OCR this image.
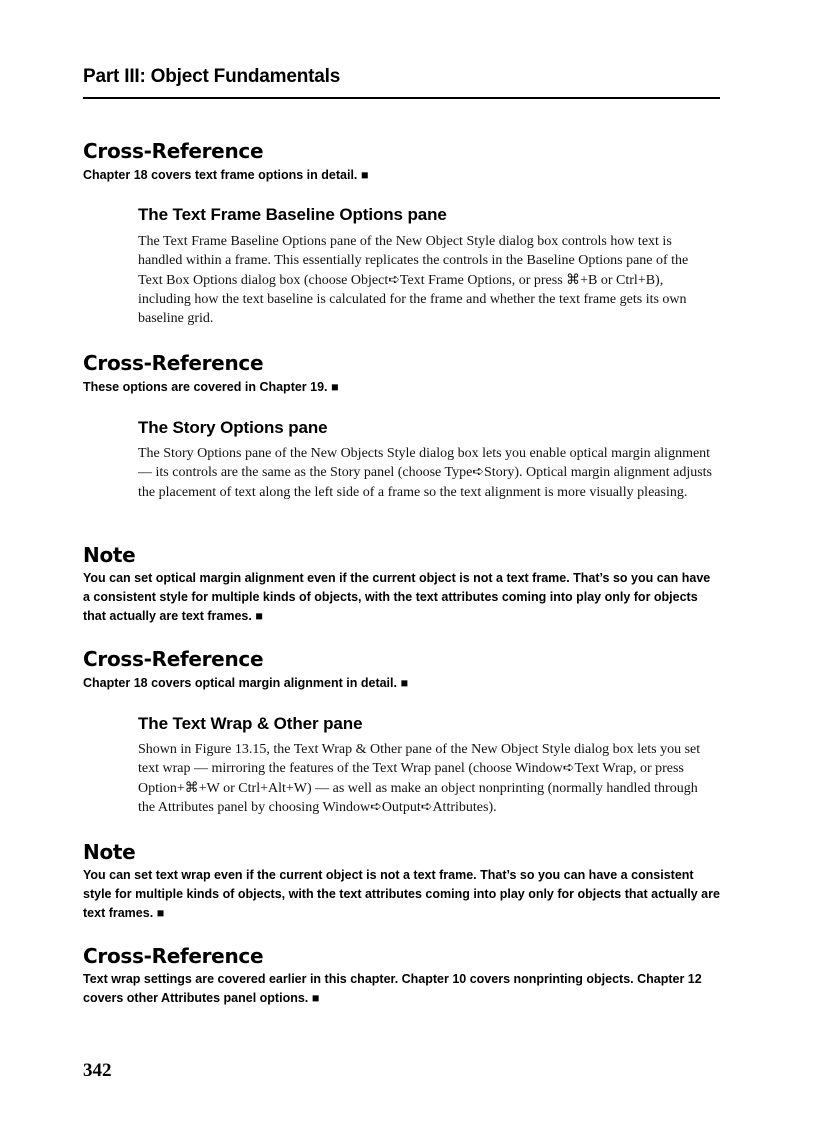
Part III: Object Fundamentals
Cross-Reference
Chapter 18 covers text frame options in detail. ■
The Text Frame Baseline Options pane
The Text Frame Baseline Options pane of the New Object Style dialog box controls how text is handled within a frame. This essentially replicates the controls in the Baseline Options pane of the Text Box Options dialog box (choose Object➪Text Frame Options, or press ⌘+B or Ctrl+B), including how the text baseline is calculated for the frame and whether the text frame gets its own baseline grid.
Cross-Reference
These options are covered in Chapter 19. ■
The Story Options pane
The Story Options pane of the New Objects Style dialog box lets you enable optical margin alignment — its controls are the same as the Story panel (choose Type➪Story). Optical margin alignment adjusts the placement of text along the left side of a frame so the text alignment is more visually pleasing.
Note
You can set optical margin alignment even if the current object is not a text frame. That’s so you can have a consistent style for multiple kinds of objects, with the text attributes coming into play only for objects that actually are text frames. ■
Cross-Reference
Chapter 18 covers optical margin alignment in detail. ■
The Text Wrap & Other pane
Shown in Figure 13.15, the Text Wrap & Other pane of the New Object Style dialog box lets you set text wrap — mirroring the features of the Text Wrap panel (choose Window➪Text Wrap, or press Option+⌘+W or Ctrl+Alt+W) — as well as make an object nonprinting (normally handled through the Attributes panel by choosing Window➪Output➪Attributes).
Note
You can set text wrap even if the current object is not a text frame. That’s so you can have a consistent style for multiple kinds of objects, with the text attributes coming into play only for objects that actually are text frames. ■
Cross-Reference
Text wrap settings are covered earlier in this chapter. Chapter 10 covers nonprinting objects. Chapter 12 covers other Attributes panel options. ■
342
